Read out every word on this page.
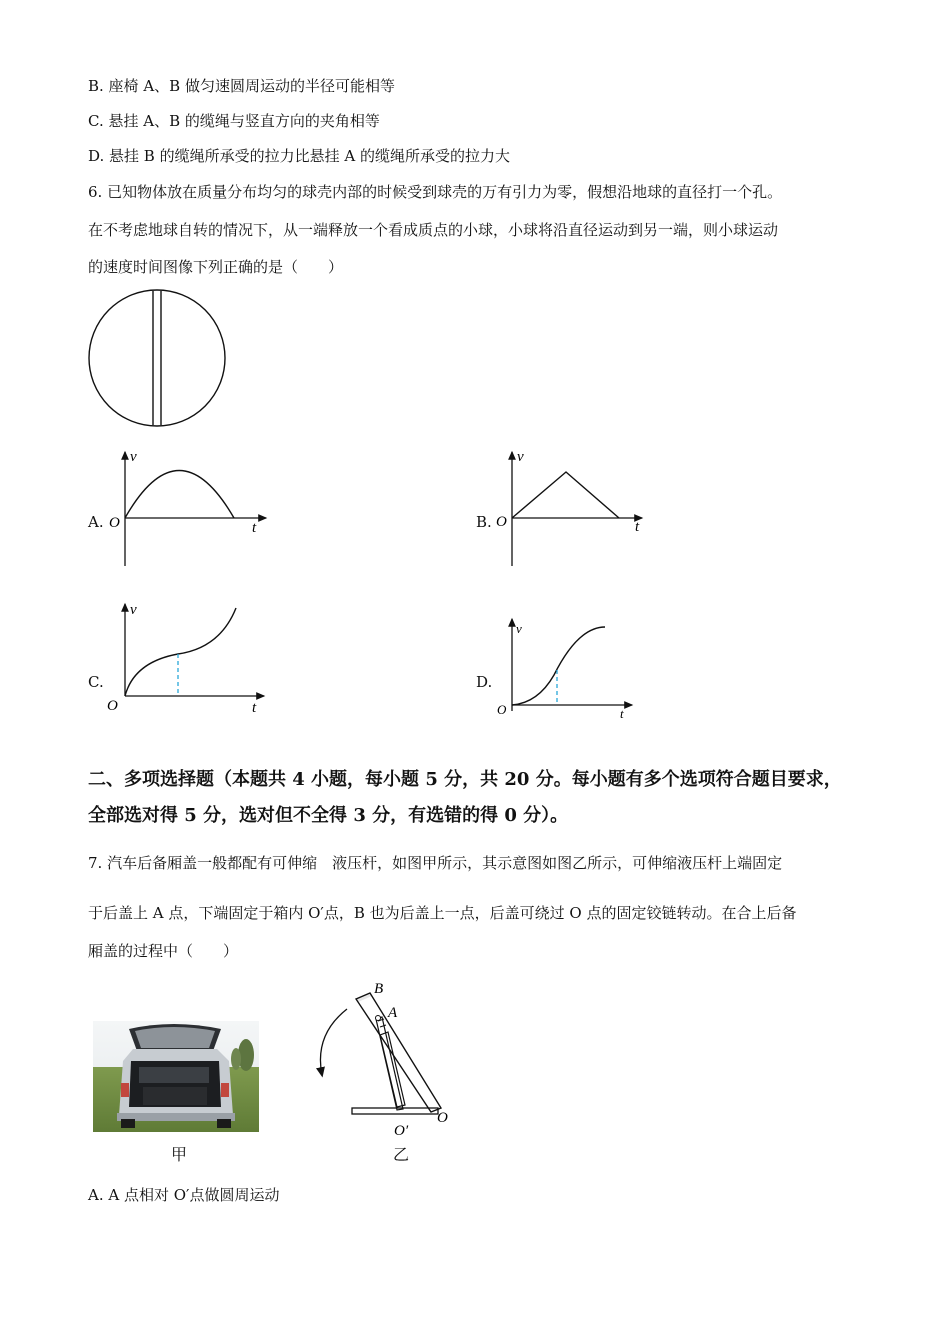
B. 座椅 A、B 做匀速圆周运动的半径可能相等
C. 悬挂 A、B 的缆绳与竖直方向的夹角相等
D. 悬挂 B 的缆绳所承受的拉力比悬挂 A 的缆绳所承受的拉力大
6. 已知物体放在质量分布均匀的球壳内部的时候受到球壳的万有引力为零，假想沿地球的直径打一个孔。
在不考虑地球自转的情况下，从一端释放一个看成质点的小球，小球将沿直径运动到另一端，则小球运动
的速度时间图像下列正确的是（　　）
A.
v
t
O	B.
v
t
O
C.
v
t
O
D.
v
t
O
二、多项选择题（本题共 4 小题，每小题 5 分，共 20 分。每小题有多个选项符合题目要求，
全部选对得 5 分，选对但不全得 3 分，有选错的得 0 分）。
7. 汽车后备厢盖一般都配有可伸缩　液压杆，如图甲所示，其示意图如图乙所示，可伸缩液压杆上端固定
于后盖上 A 点，下端固定于箱内 O′点，B 也为后盖上一点，后盖可绕过 O 点的固定铰链转动。在合上后备
厢盖的过程中（　　）
甲
B
A
O
O′
乙
A. A 点相对 O′点做圆周运动
